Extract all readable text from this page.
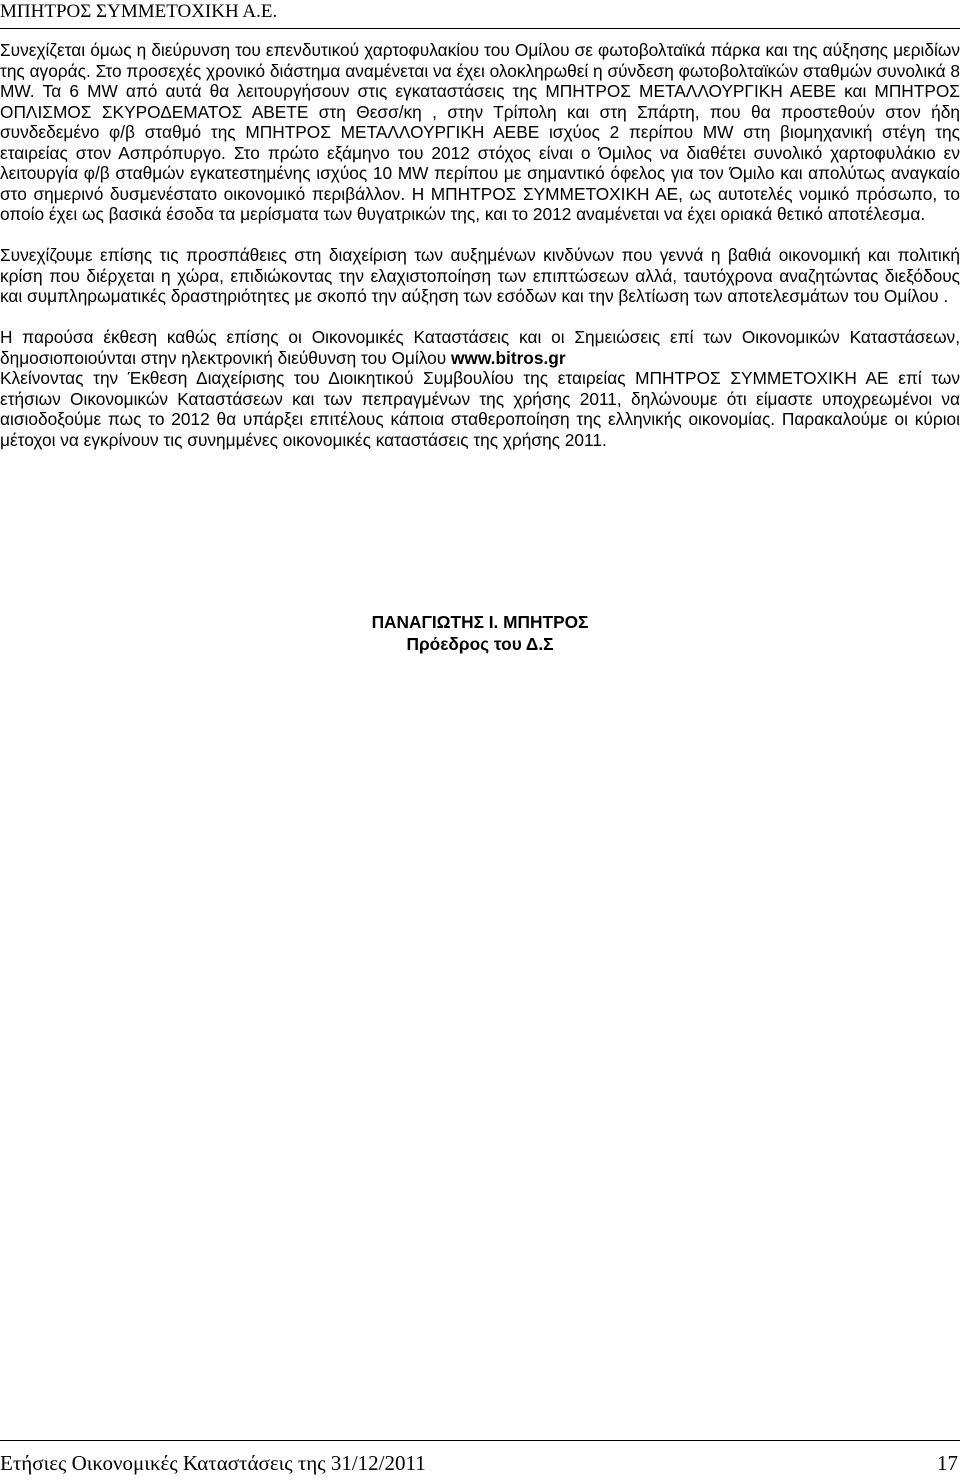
ΜΠΗΤΡΟΣ ΣΥΜΜΕΤΟΧΙΚΗ Α.Ε.

Συνεχίζεται όμως η διεύρυνση του επενδυτικού χαρτοφυλακίου του Ομίλου σε φωτοβολταϊκά πάρκα και της αύξησης μεριδίων της αγοράς. Στο προσεχές χρονικό διάστημα αναμένεται να έχει ολοκληρωθεί η σύνδεση φωτοβολταϊκών σταθμών συνολικά 8 MW. Τα 6 MW από αυτά θα λειτουργήσουν στις εγκαταστάσεις της ΜΠΗΤΡΟΣ ΜΕΤΑΛΛΟΥΡΓΙΚΗ ΑΕΒΕ και ΜΠΗΤΡΟΣ ΟΠΛΙΣΜΟΣ ΣΚΥΡΟΔΕΜΑΤΟΣ ΑΒΕΤΕ στη Θεσσ/κη , στην Τρίπολη και στη Σπάρτη, που θα προστεθούν στον ήδη συνδεδεμένο φ/β σταθμό της ΜΠΗΤΡΟΣ ΜΕΤΑΛΛΟΥΡΓΙΚΗ ΑΕΒΕ ισχύος 2 περίπου MW στη βιομηχανική στέγη της εταιρείας στον Ασπρόπυργο. Στο πρώτο εξάμηνο του 2012 στόχος είναι ο Όμιλος να διαθέτει συνολικό χαρτοφυλάκιο εν λειτουργία φ/β σταθμών εγκατεστημένης ισχύος 10 MW περίπου με σημαντικό όφελος για τον Όμιλο και απολύτως αναγκαίο στο σημερινό δυσμενέστατο οικονομικό περιβάλλον. Η ΜΠΗΤΡΟΣ ΣΥΜΜΕΤΟΧΙΚΗ ΑΕ, ως αυτοτελές νομικό πρόσωπο, το οποίο έχει ως βασικά έσοδα τα μερίσματα των θυγατρικών της, και το 2012 αναμένεται να έχει οριακά θετικό αποτέλεσμα.

Συνεχίζουμε επίσης τις προσπάθειες στη διαχείριση των αυξημένων κινδύνων που γεννά η βαθιά οικονομική και πολιτική κρίση που διέρχεται η χώρα, επιδιώκοντας την ελαχιστοποίηση των επιπτώσεων αλλά, ταυτόχρονα αναζητώντας διεξόδους και συμπληρωματικές δραστηριότητες με σκοπό την αύξηση των εσόδων και την βελτίωση των αποτελεσμάτων του Ομίλου .

Η παρούσα έκθεση καθώς επίσης οι Οικονομικές Καταστάσεις και οι Σημειώσεις επί των Οικονομικών Καταστάσεων, δημοσιοποιούνται στην ηλεκτρονική διεύθυνση του Ομίλου www.bitros.gr

Κλείνοντας την Έκθεση Διαχείρισης του Διοικητικού Συμβουλίου της εταιρείας ΜΠΗΤΡΟΣ ΣΥΜΜΕΤΟΧΙΚΗ ΑΕ επί των ετήσιων Οικονομικών Καταστάσεων και των πεπραγμένων της χρήσης 2011, δηλώνουμε ότι είμαστε υποχρεωμένοι να αισιοδοξούμε πως το 2012 θα υπάρξει επιτέλους κάποια σταθεροποίηση της ελληνικής οικονομίας. Παρακαλούμε οι κύριοι μέτοχοι να εγκρίνουν τις συνημμένες οικονομικές καταστάσεις της χρήσης 2011.

ΠΑΝΑΓΙΩΤΗΣ Ι. ΜΠΗΤΡΟΣ
Πρόεδρος του Δ.Σ
Ετήσιες Οικονομικές Καταστάσεις της 31/12/2011	17
